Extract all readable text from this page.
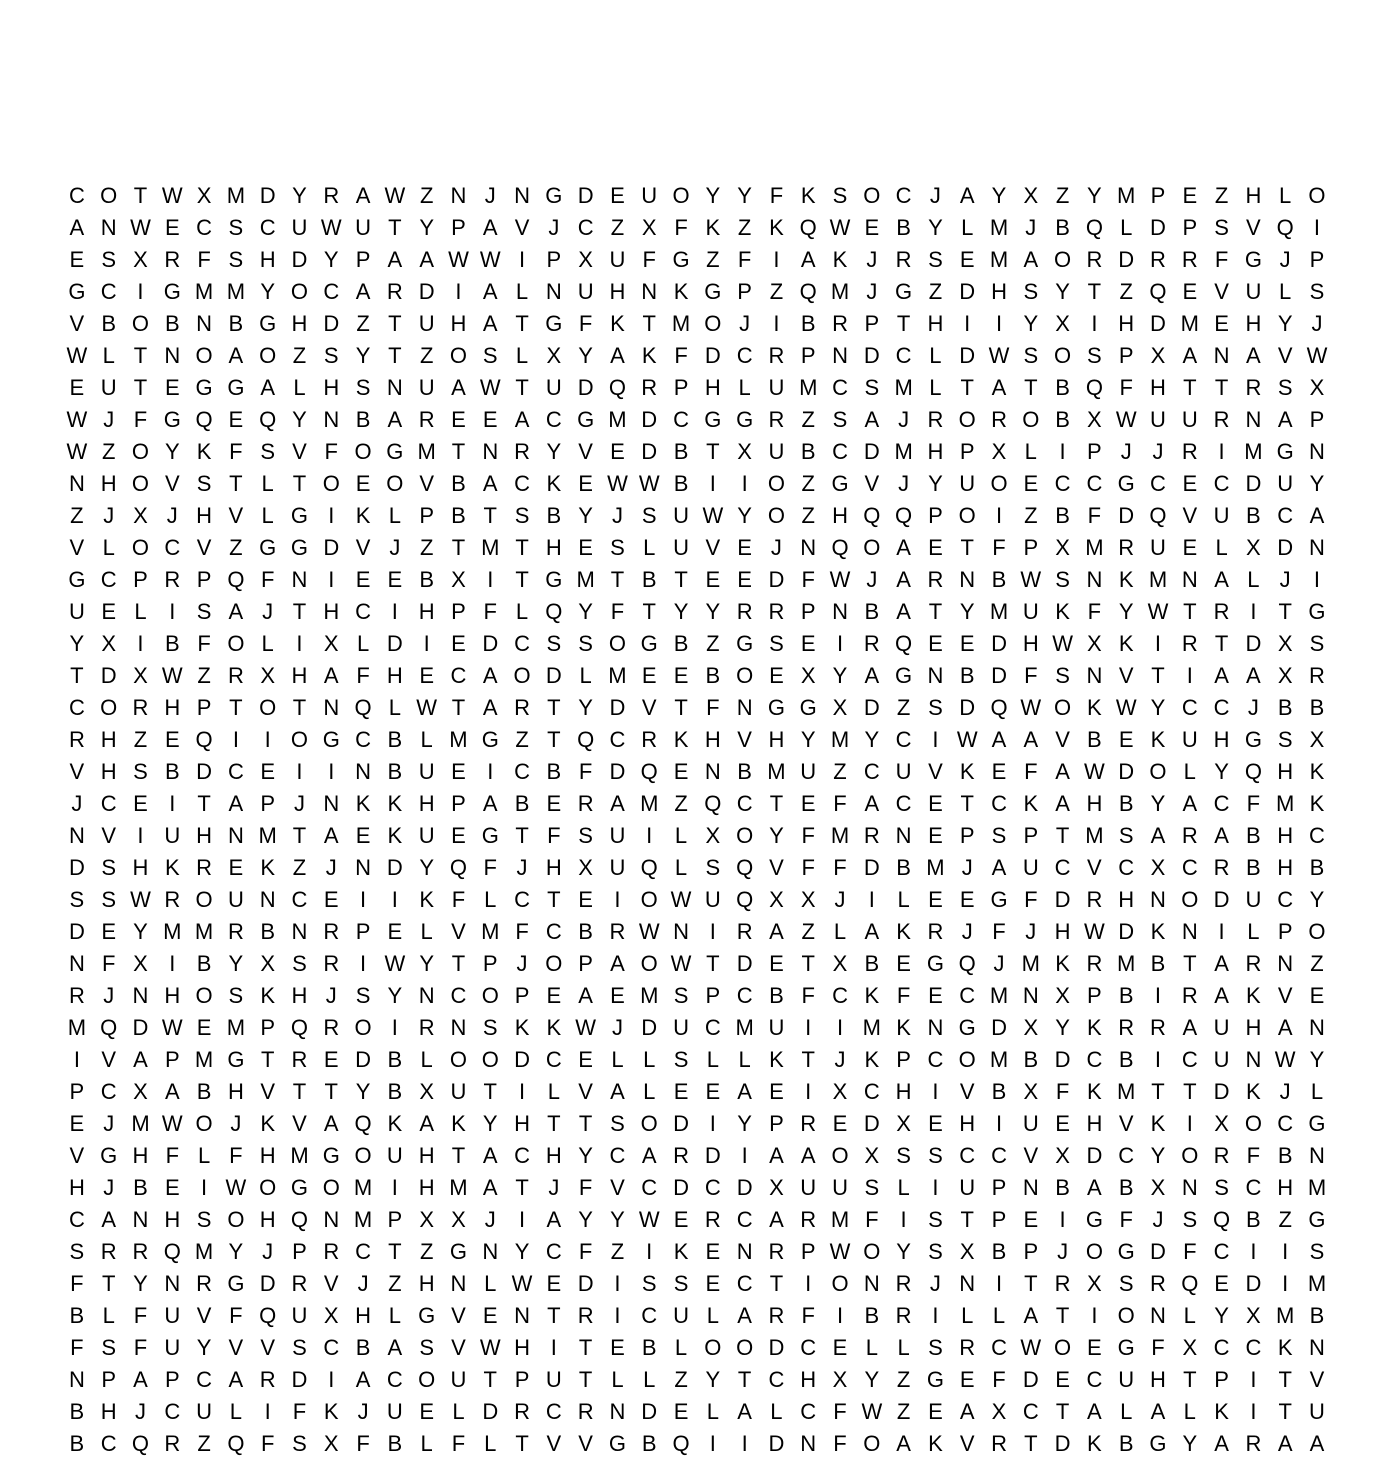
C O T W X M D Y R A W Z N J N G D E U O Y Y F K S O C J A Y X Z Y M P E Z H L O
A N W E C S C U W U T Y P A V J C Z X F K Z K Q W E B Y L M J B Q L D P S V Q I
E S X R F S H D Y P A A W W I P X U F G Z F	I A K J R S E M A O R D R R F G J P
G C I G M M Y O C A R D I A L N U H N K G P Z Q M J G Z D H S Y T Z Q E V U L S
V B O B N B G H D Z T U H A T G F K T M O J	I B R P T H I	I Y X I H D M E H Y J
W L T N O A O Z S Y T Z O S L X Y A K F D C R P N D C L D W S O S P X A N A V W
E U T E G G A L H S N U A W T U D Q R P H L U M C S M L T A T B Q F H T T R S X
W J F G Q E Q Y N B A R E E A C G M D C G G R Z S A J R O R O B X W U U R N A P
W Z O Y K F S V F O G M T N R Y V E D B T X U B C D M H P X L	I P J J R I M G N
N H O V S T L T O E O V B A C K E W W B I	I O Z G V J Y U O E C C G C E C D U Y
Z J X J H V L G I K L P B T S B Y J S U W Y O Z H Q Q P O I	Z B F D Q V U B C A
V L O C V Z G G D V J Z T M T H E S L U V E J N Q O A E T F P X M R U E L X D N
G C P R P Q F N I E E B X I	T G M T B T E E D F W J A R N B W S N K M N A L J	I
U E L	I S A J T H C I H P F L Q Y F T Y Y R R P N B A T Y M U K F Y W T R I	T G
Y X I B F O L	I X L D I E D C S S O G B Z G S E I R Q E E D H W X K I R T D X S
T D X W Z R X H A F H E C A O D L M E E B O E X Y A G N B D F S N V T	I A A X R
C O R H P T O T N Q L W T A R T Y D V T F N G G X D Z S D Q W O K W Y C C J B B
R H Z E Q I	I O G C B L M G Z T Q C R K H V H Y M Y C I W A A V B E K U H G S X
V H S B D C E I	I N B U E I C B F D Q E N B M U Z C U V K E F A W D O L Y Q H K
J C E I	T A P J N K K H P A B E R A M Z Q C T E F A C E T C K A H B Y A C F M K
N V I U H N M T A E K U E G T F S U I	L X O Y F M R N E P S P T M S A R A B H C
D S H K R E K Z J N D Y Q F J H X U Q L S Q V F F D B M J A U C V C X C R B H B
S S W R O U N C E I	I K F L C T E I O W U Q X X J	I	L E E G F D R H N O D U C Y
D E Y M M R B N R P E L V M F C B R W N I R A Z L A K R J F J H W D K N I	L P O
N F X I B Y X S R I W Y T P J O P A O W T D E T X B E G Q J M K R M B T A R N Z
R J N H O S K H J S Y N C O P E A E M S P C B F C K F E C M N X P B I R A K V E
M Q D W E M P Q R O I R N S K K W J D U C M U I	I M K N G D X Y K R R A U H A N
I V A P M G T R E D B L O O D C E L L S L L K T J K P C O M B D C B I C U N W Y
P C X A B H V T T Y B X U T	I	L V A L E E A E I X C H I V B X F K M T T D K J L
E J M W O J K V A Q K A K Y H T T S O D I Y P R E D X E H I U E H V K I X O C G
V G H F L F H M G O U H T A C H Y C A R D I A A O X S S C C V X D C Y O R F B N
H J B E I W O G O M I H M A T J F V C D C D X U U S L	I U P N B A B X N S C H M
C A N H S O H Q N M P X X J	I A Y Y W E R C A R M F	I S T P E I G F J S Q B Z G
S R R Q M Y J P R C T Z G N Y C F Z	I K E N R P W O Y S X B P J O G D F C I	I S
F T Y N R G D R V J Z H N L W E D I S S E C T	I O N R J N I	T R X S R Q E D I M
B L F U V F Q U X H L G V E N T R I C U L A R F	I B R I	L L A T	I O N L Y X M B
F S F U Y V V S C B A S V W H I	T E B L O O D C E L L S R C W O E G F X C C K N
N P A P C A R D I A C O U T P U T L L Z Y T C H X Y Z G E F D E C U H T P I	T V
B H J C U L	I	F K J U E L D R C R N D E L A L C F W Z E A X C T A L A L K I	T U
B C Q R Z Q F S X F B L F L T V V G B Q I	I D N F O A K V R T D K B G Y A R A A
